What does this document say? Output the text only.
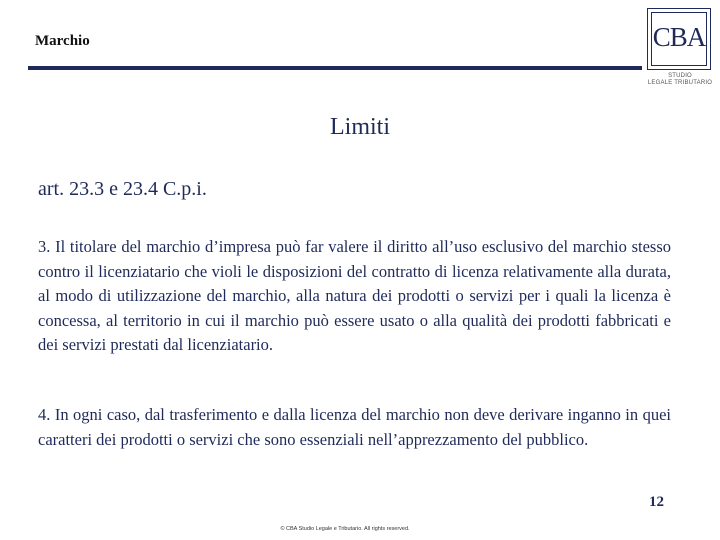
Marchio	CBA
STUDIO
LEGALE TRIBUTARIO
Limiti
art. 23.3 e 23.4 C.p.i.
3. Il titolare del marchio d’impresa può far valere il diritto all’uso esclusivo del marchio stesso contro il licenziatario che violi le disposizioni del contratto di licenza relativamente alla durata, al modo di utilizzazione del marchio, alla natura dei prodotti o servizi per i quali la licenza è concessa, al territorio in cui il marchio può essere usato o alla qualità dei prodotti fabbricati e dei servizi prestati dal licenziatario.
4. In ogni caso, dal trasferimento e dalla licenza del marchio non deve derivare inganno in quei caratteri dei prodotti o servizi che sono essenziali nell’apprezzamento del pubblico.
12
© CBA Studio Legale e Tributario. All rights reserved.
